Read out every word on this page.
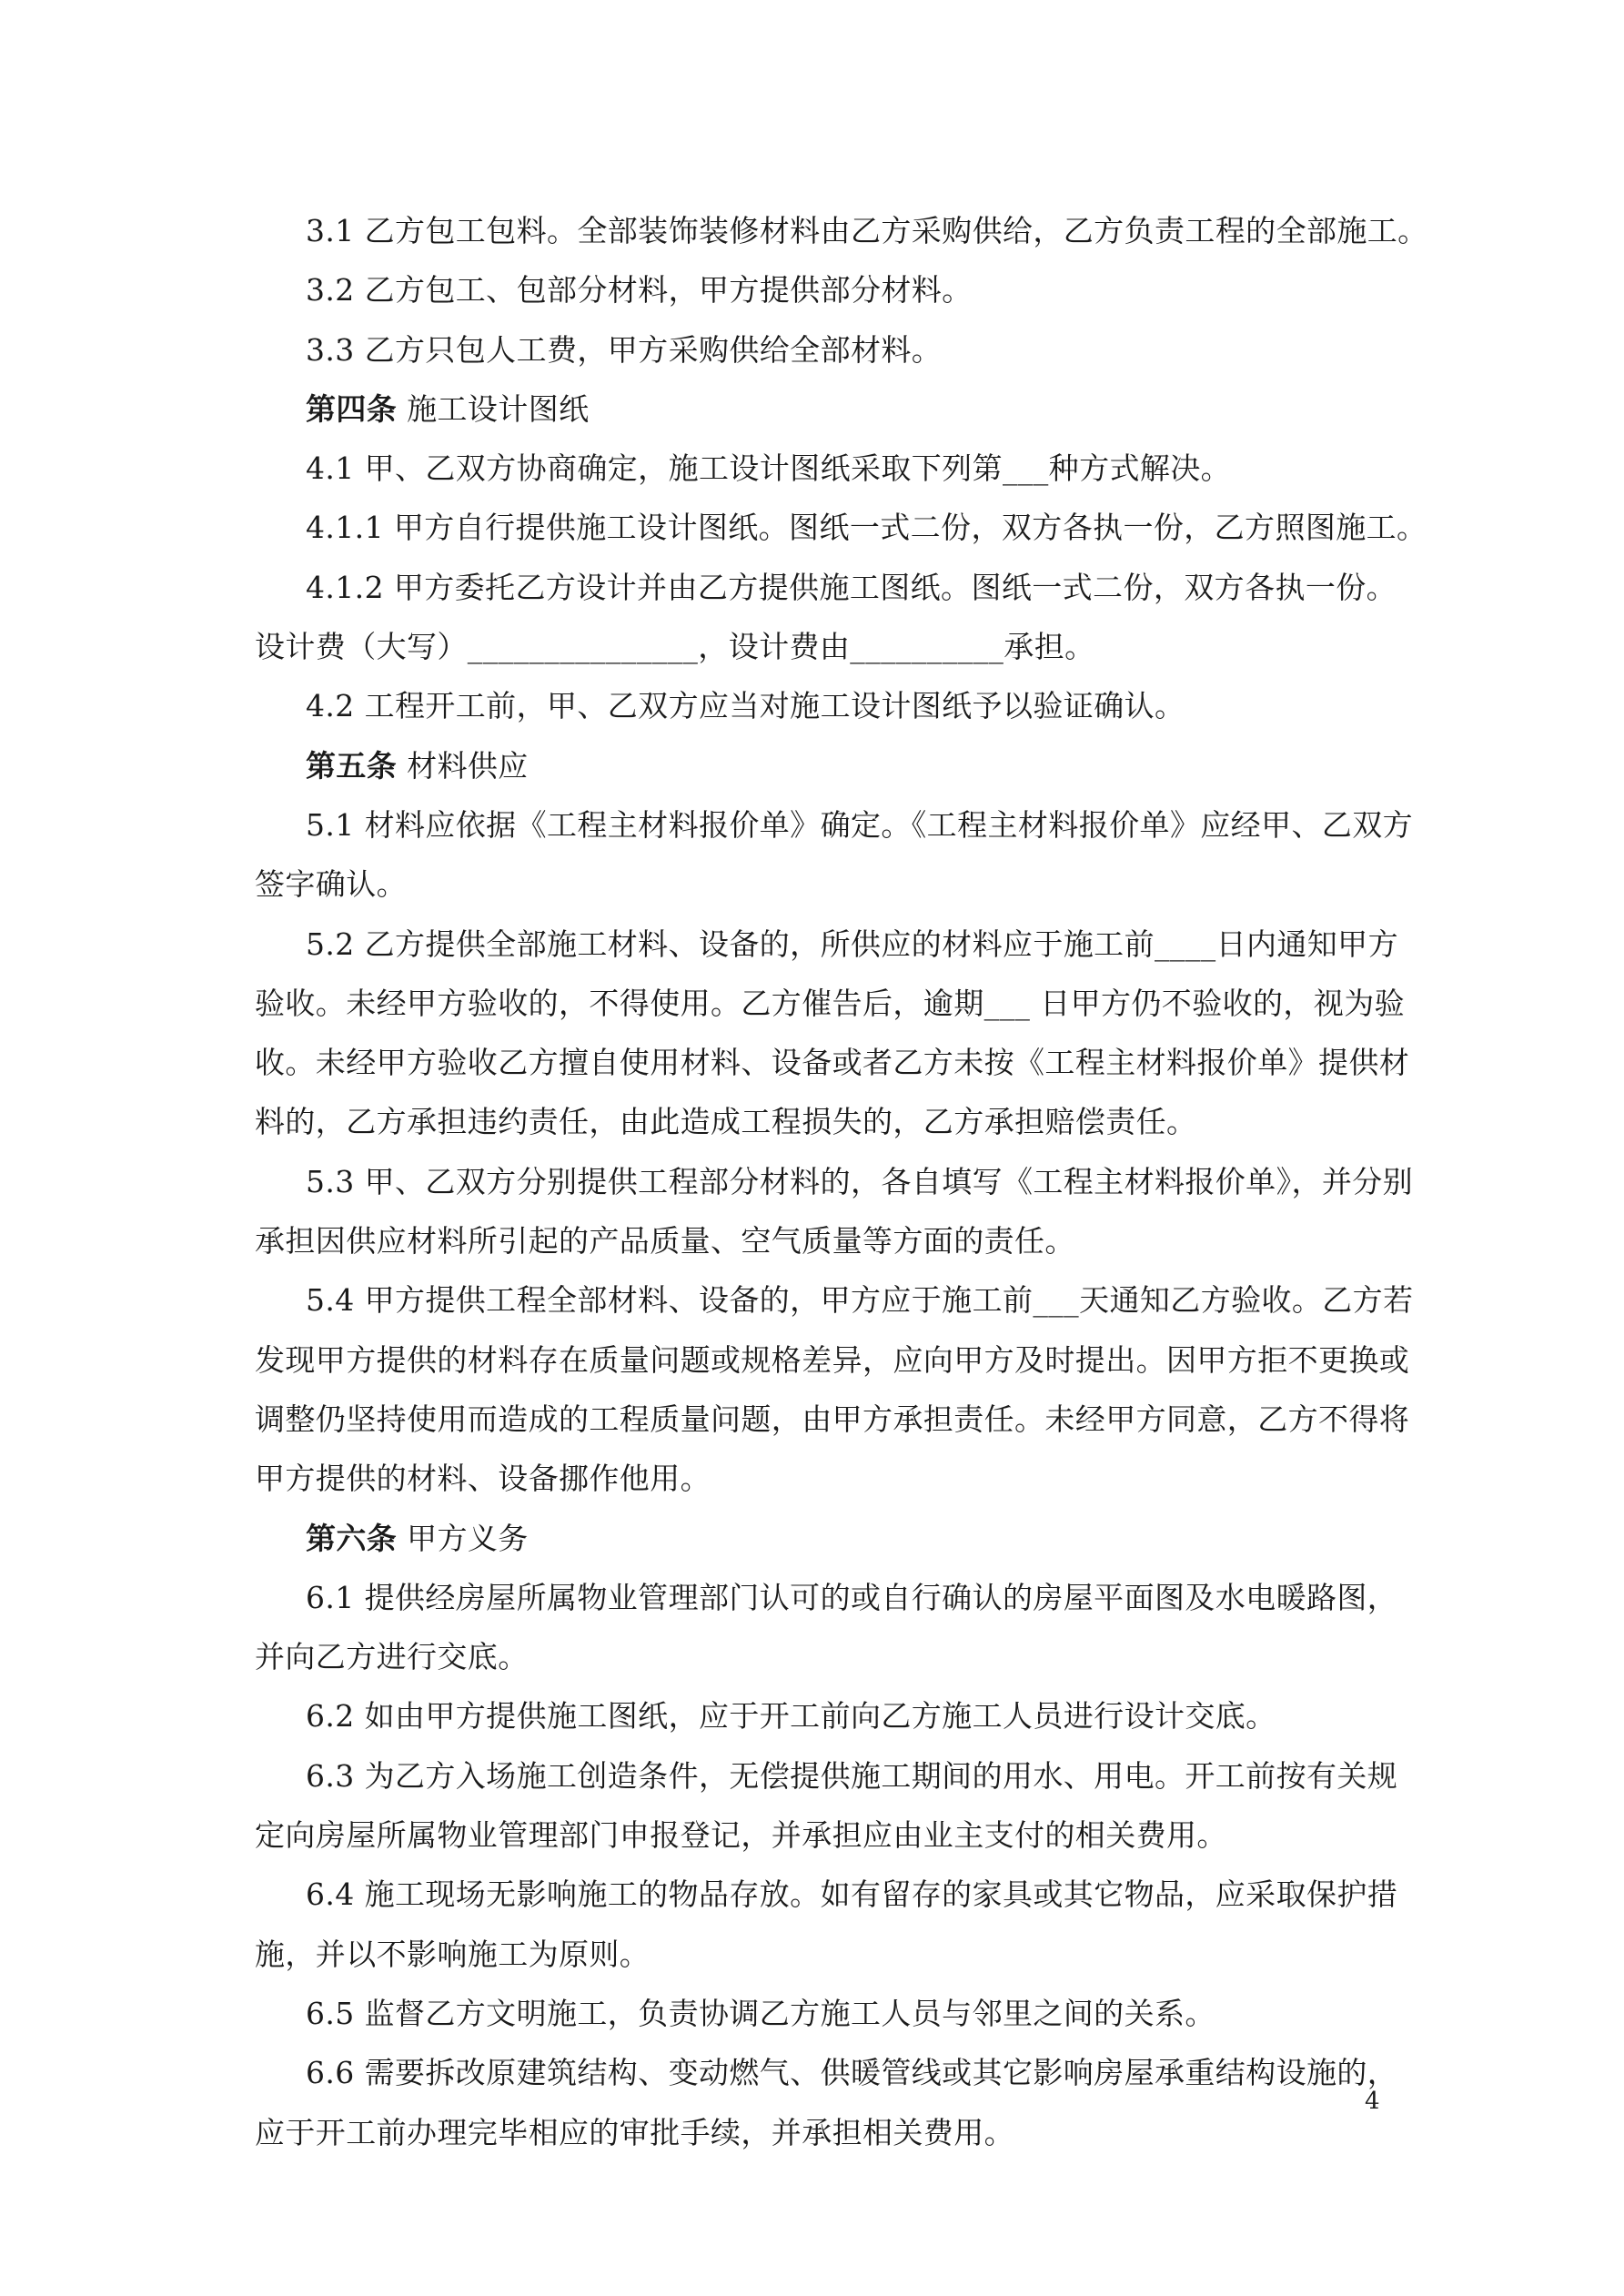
3.1 乙方包工包料。全部装饰装修材料由乙方采购供给，乙方负责工程的全部施工。
3.2 乙方包工、包部分材料，甲方提供部分材料。
3.3 乙方只包人工费，甲方采购供给全部材料。
第四条 施工设计图纸
4.1 甲、乙双方协商确定，施工设计图纸采取下列第___种方式解决。
4.1.1 甲方自行提供施工设计图纸。图纸一式二份，双方各执一份，乙方照图施工。
4.1.2 甲方委托乙方设计并由乙方提供施工图纸。图纸一式二份，双方各执一份。
设计费（大写）_______________，设计费由__________承担。
4.2 工程开工前，甲、乙双方应当对施工设计图纸予以验证确认。
第五条 材料供应
5.1 材料应依据《工程主材料报价单》确定。《工程主材料报价单》应经甲、乙双方
签字确认。
5.2 乙方提供全部施工材料、设备的，所供应的材料应于施工前____日内通知甲方
验收。未经甲方验收的，不得使用。乙方催告后，逾期___ 日甲方仍不验收的，视为验
收。未经甲方验收乙方擅自使用材料、设备或者乙方未按《工程主材料报价单》提供材
料的，乙方承担违约责任，由此造成工程损失的，乙方承担赔偿责任。
5.3 甲、乙双方分别提供工程部分材料的，各自填写《工程主材料报价单》，并分别
承担因供应材料所引起的产品质量、空气质量等方面的责任。
5.4 甲方提供工程全部材料、设备的，甲方应于施工前___天通知乙方验收。乙方若
发现甲方提供的材料存在质量问题或规格差异，应向甲方及时提出。因甲方拒不更换或
调整仍坚持使用而造成的工程质量问题，由甲方承担责任。未经甲方同意，乙方不得将
甲方提供的材料、设备挪作他用。
第六条 甲方义务
6.1 提供经房屋所属物业管理部门认可的或自行确认的房屋平面图及水电暖路图，
并向乙方进行交底。
6.2 如由甲方提供施工图纸，应于开工前向乙方施工人员进行设计交底。
6.3 为乙方入场施工创造条件，无偿提供施工期间的用水、用电。开工前按有关规
定向房屋所属物业管理部门申报登记，并承担应由业主支付的相关费用。
6.4 施工现场无影响施工的物品存放。如有留存的家具或其它物品，应采取保护措
施，并以不影响施工为原则。
6.5 监督乙方文明施工，负责协调乙方施工人员与邻里之间的关系。
6.6 需要拆改原建筑结构、变动燃气、供暖管线或其它影响房屋承重结构设施的，
应于开工前办理完毕相应的审批手续，并承担相关费用。
4
